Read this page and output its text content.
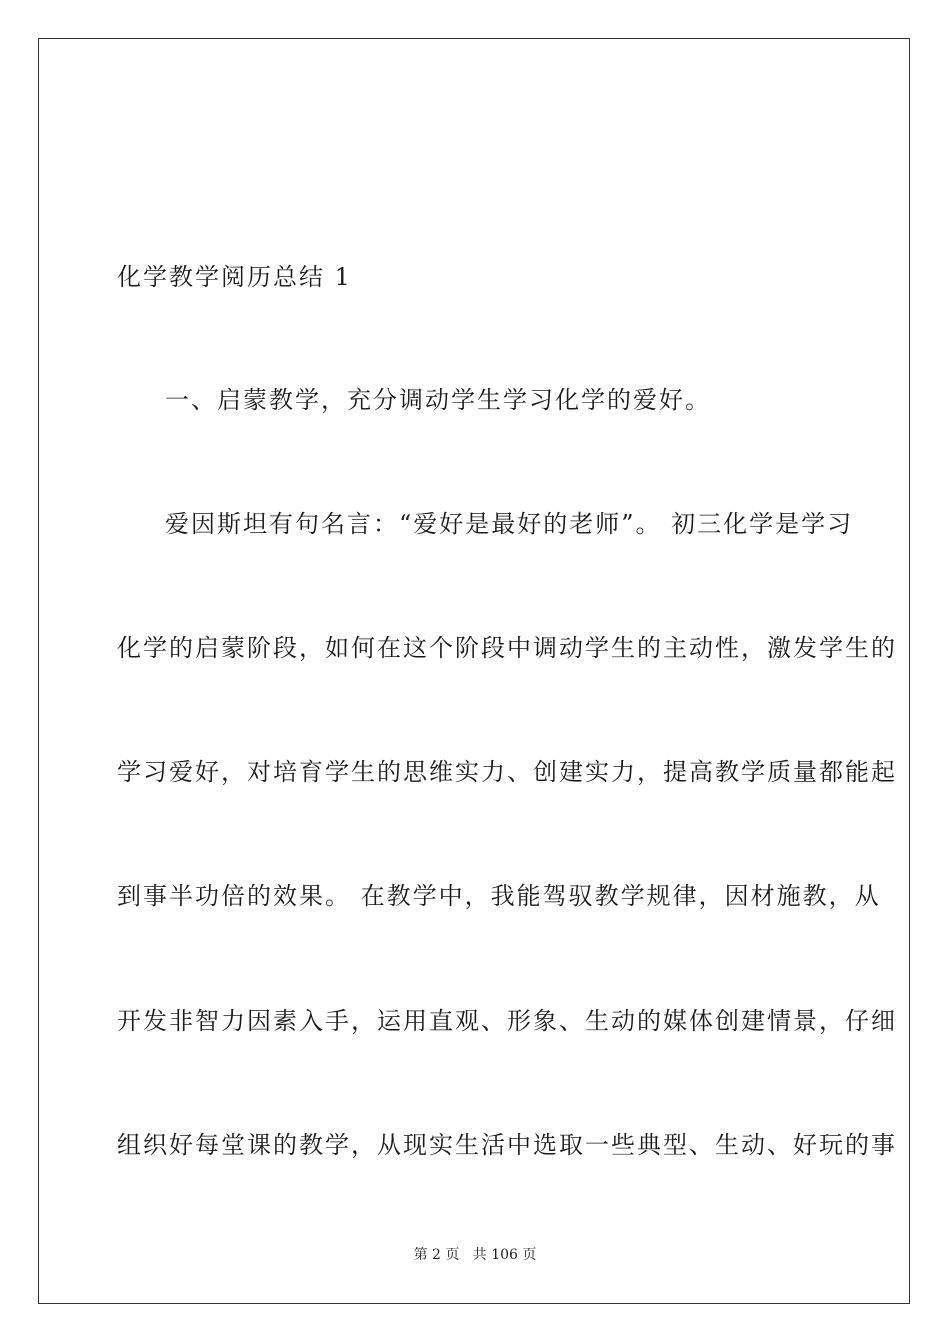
化学教学阅历总结 1
一、启蒙教学，充分调动学生学习化学的爱好。
爱因斯坦有句名言：“爱好是最好的老师”。 初三化学是学习
化学的启蒙阶段，如何在这个阶段中调动学生的主动性，激发学生的
学习爱好，对培育学生的思维实力、创建实力，提高教学质量都能起
到事半功倍的效果。 在教学中，我能驾驭教学规律，因材施教，从
开发非智力因素入手，运用直观、形象、生动的媒体创建情景，仔细
组织好每堂课的教学，从现实生活中选取一些典型、生动、好玩的事
第 2 页   共 106 页
